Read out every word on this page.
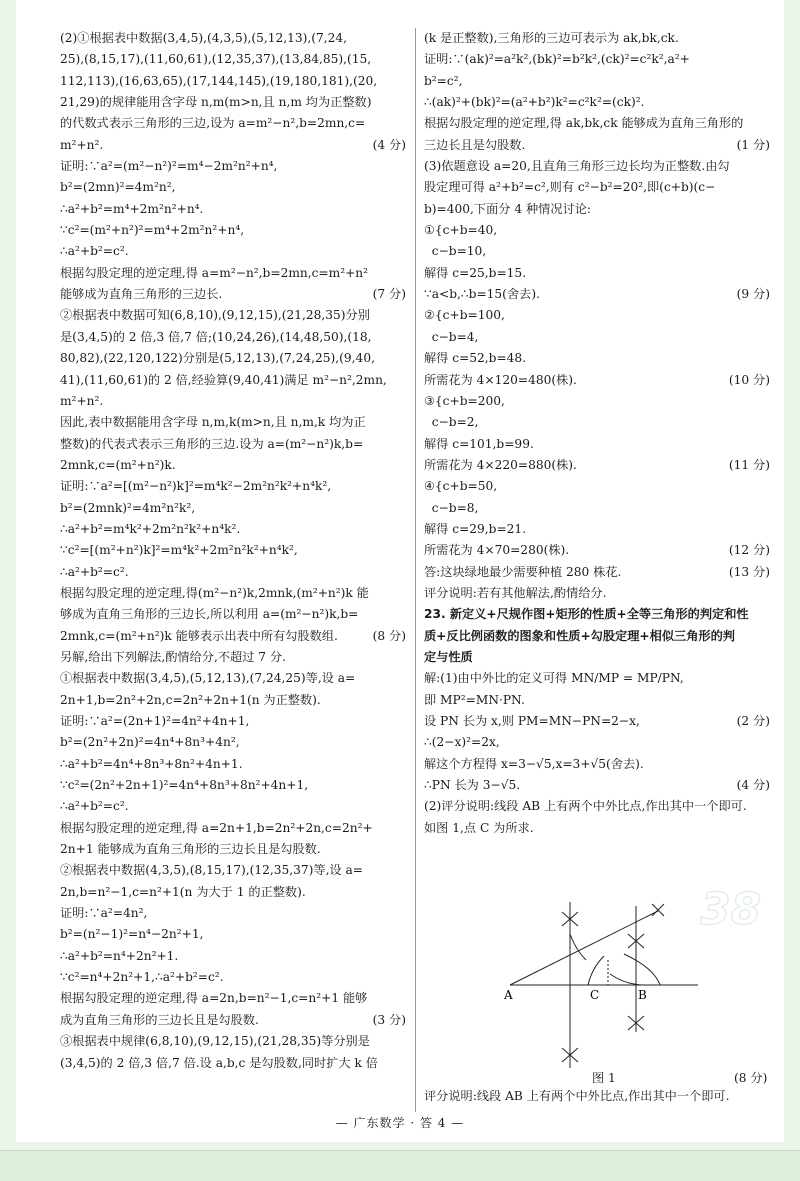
(2)①根据表中数据(3,4,5),(4,3,5),(5,12,13),(7,24,
25),(8,15,17),(11,60,61),(12,35,37),(13,84,85),(15,
112,113),(16,63,65),(17,144,145),(19,180,181),(20,
21,29)的规律能用含字母 n,m(m>n,且 n,m 均为正整数)
的代数式表示三角形的三边,设为 a=m²−n²,b=2mn,c=
m²+n².	(4 分)
证明:∵a²=(m²−n²)²=m⁴−2m²n²+n⁴,
b²=(2mn)²=4m²n²,
∴a²+b²=m⁴+2m²n²+n⁴.
∵c²=(m²+n²)²=m⁴+2m²n²+n⁴,
∴a²+b²=c².
根据勾股定理的逆定理,得 a=m²−n²,b=2mn,c=m²+n²
能够成为直角三角形的三边长.	(7 分)
②根据表中数据可知(6,8,10),(9,12,15),(21,28,35)分别
是(3,4,5)的 2 倍,3 倍,7 倍;(10,24,26),(14,48,50),(18,
80,82),(22,120,122)分别是(5,12,13),(7,24,25),(9,40,
41),(11,60,61)的 2 倍,经验算(9,40,41)满足 m²−n²,2mn,
m²+n².
因此,表中数据能用含字母 n,m,k(m>n,且 n,m,k 均为正
整数)的代表式表示三角形的三边.设为 a=(m²−n²)k,b=
2mnk,c=(m²+n²)k.
证明:∵a²=[(m²−n²)k]²=m⁴k²−2m²n²k²+n⁴k²,
b²=(2mnk)²=4m²n²k²,
∴a²+b²=m⁴k²+2m²n²k²+n⁴k².
∵c²=[(m²+n²)k]²=m⁴k²+2m²n²k²+n⁴k²,
∴a²+b²=c².
根据勾股定理的逆定理,得(m²−n²)k,2mnk,(m²+n²)k 能
够成为直角三角形的三边长,所以利用 a=(m²−n²)k,b=
2mnk,c=(m²+n²)k 能够表示出表中所有勾股数组.	(8 分)
另解,给出下列解法,酌情给分,不超过 7 分.
①根据表中数据(3,4,5),(5,12,13),(7,24,25)等,设 a=
2n+1,b=2n²+2n,c=2n²+2n+1(n 为正整数).
证明:∵a²=(2n+1)²=4n²+4n+1,
b²=(2n²+2n)²=4n⁴+8n³+4n²,
∴a²+b²=4n⁴+8n³+8n²+4n+1.
∵c²=(2n²+2n+1)²=4n⁴+8n³+8n²+4n+1,
∴a²+b²=c².
根据勾股定理的逆定理,得 a=2n+1,b=2n²+2n,c=2n²+
2n+1 能够成为直角三角形的三边长且是勾股数.
②根据表中数据(4,3,5),(8,15,17),(12,35,37)等,设 a=
2n,b=n²−1,c=n²+1(n 为大于 1 的正整数).
证明:∵a²=4n²,
b²=(n²−1)²=n⁴−2n²+1,
∴a²+b²=n⁴+2n²+1.
∵c²=n⁴+2n²+1,∴a²+b²=c².
根据勾股定理的逆定理,得 a=2n,b=n²−1,c=n²+1 能够
成为直角三角形的三边长且是勾股数.	(3 分)
③根据表中规律(6,8,10),(9,12,15),(21,28,35)等分别是
(3,4,5)的 2 倍,3 倍,7 倍.设 a,b,c 是勾股数,同时扩大 k 倍
(k 是正整数),三角形的三边可表示为 ak,bk,ck.
证明:∵(ak)²=a²k²,(bk)²=b²k²,(ck)²=c²k²,a²+
b²=c²,
∴(ak)²+(bk)²=(a²+b²)k²=c²k²=(ck)².
根据勾股定理的逆定理,得 ak,bk,ck 能够成为直角三角形的
三边长且是勾股数.	(1 分)
(3)依题意设 a=20,且直角三角形三边长均为正整数.由勾
股定理可得 a²+b²=c²,则有 c²−b²=20²,即(c+b)(c−
b)=400,下面分 4 种情况讨论:
①{c+b=40,
c−b=10,
解得 c=25,b=15.
∵a<b,∴b=15(舍去).	(9 分)
②{c+b=100,
c−b=4,
解得 c=52,b=48.
所需花为 4×120=480(株).	(10 分)
③{c+b=200,
c−b=2,
解得 c=101,b=99.
所需花为 4×220=880(株).	(11 分)
④{c+b=50,
c−b=8,
解得 c=29,b=21.
所需花为 4×70=280(株).	(12 分)
答:这块绿地最少需要种植 280 株花.	(13 分)
评分说明:若有其他解法,酌情给分.
23. 新定义+尺规作图+矩形的性质+全等三角形的判定和性
质+反比例函数的图象和性质+勾股定理+相似三角形的判
定与性质
解:(1)由中外比的定义可得 MN/MP = MP/PN,
即 MP²=MN·PN.
设 PN 长为 x,则 PM=MN−PN=2−x,	(2 分)
∴(2−x)²=2x,
解这个方程得 x=3−√5,x=3+√5(舍去).
∴PN 长为 3−√5.	(4 分)
(2)评分说明:线段 AB 上有两个中外比点,作出其中一个即可.
如图 1,点 C 为所求.
A	C	B
图 1	(8 分)
评分说明:线段 AB 上有两个中外比点,作出其中一个即可.
— 广东数学 · 答 4 —
38
